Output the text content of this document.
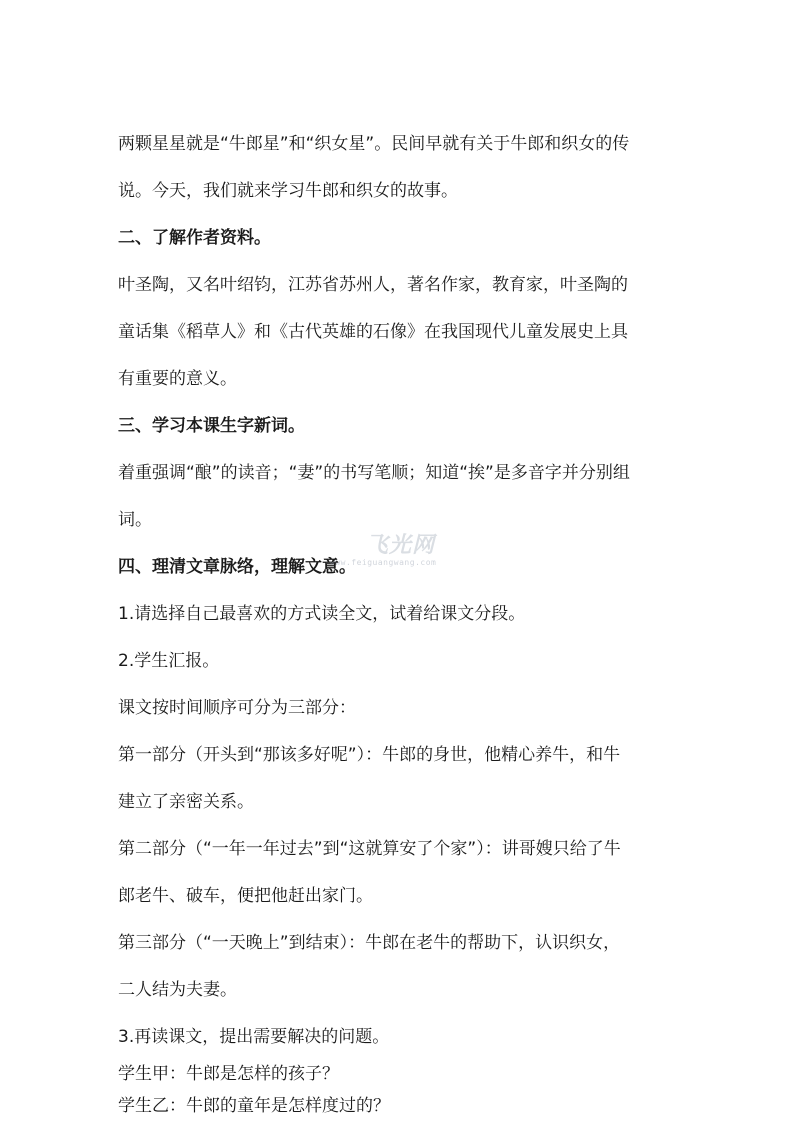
两颗星星就是“牛郎星”和“织女星”。民间早就有关于牛郎和织女的传
说。今天，我们就来学习牛郎和织女的故事。
二、了解作者资料。
叶圣陶，又名叶绍钧，江苏省苏州人，著名作家，教育家，叶圣陶的
童话集《稻草人》和《古代英雄的石像》在我国现代儿童发展史上具
有重要的意义。
三、学习本课生字新词。
着重强调“酿”的读音；“妻”的书写笔顺；知道“挨”是多音字并分别组
词。
四、理清文章脉络，理解文意。
1.请选择自己最喜欢的方式读全文，试着给课文分段。
2.学生汇报。
课文按时间顺序可分为三部分：
第一部分（开头到“那该多好呢”）：牛郎的身世，他精心养牛，和牛
建立了亲密关系。
第二部分（“一年一年过去”到“这就算安了个家”）：讲哥嫂只给了牛
郎老牛、破车，便把他赶出家门。
第三部分（“一天晚上”到结束）：牛郎在老牛的帮助下，认识织女，
二人结为夫妻。
3.再读课文，提出需要解决的问题。
学生甲：牛郎是怎样的孩子？
学生乙：牛郎的童年是怎样度过的？
飞光网
www.feiguangwang.com
